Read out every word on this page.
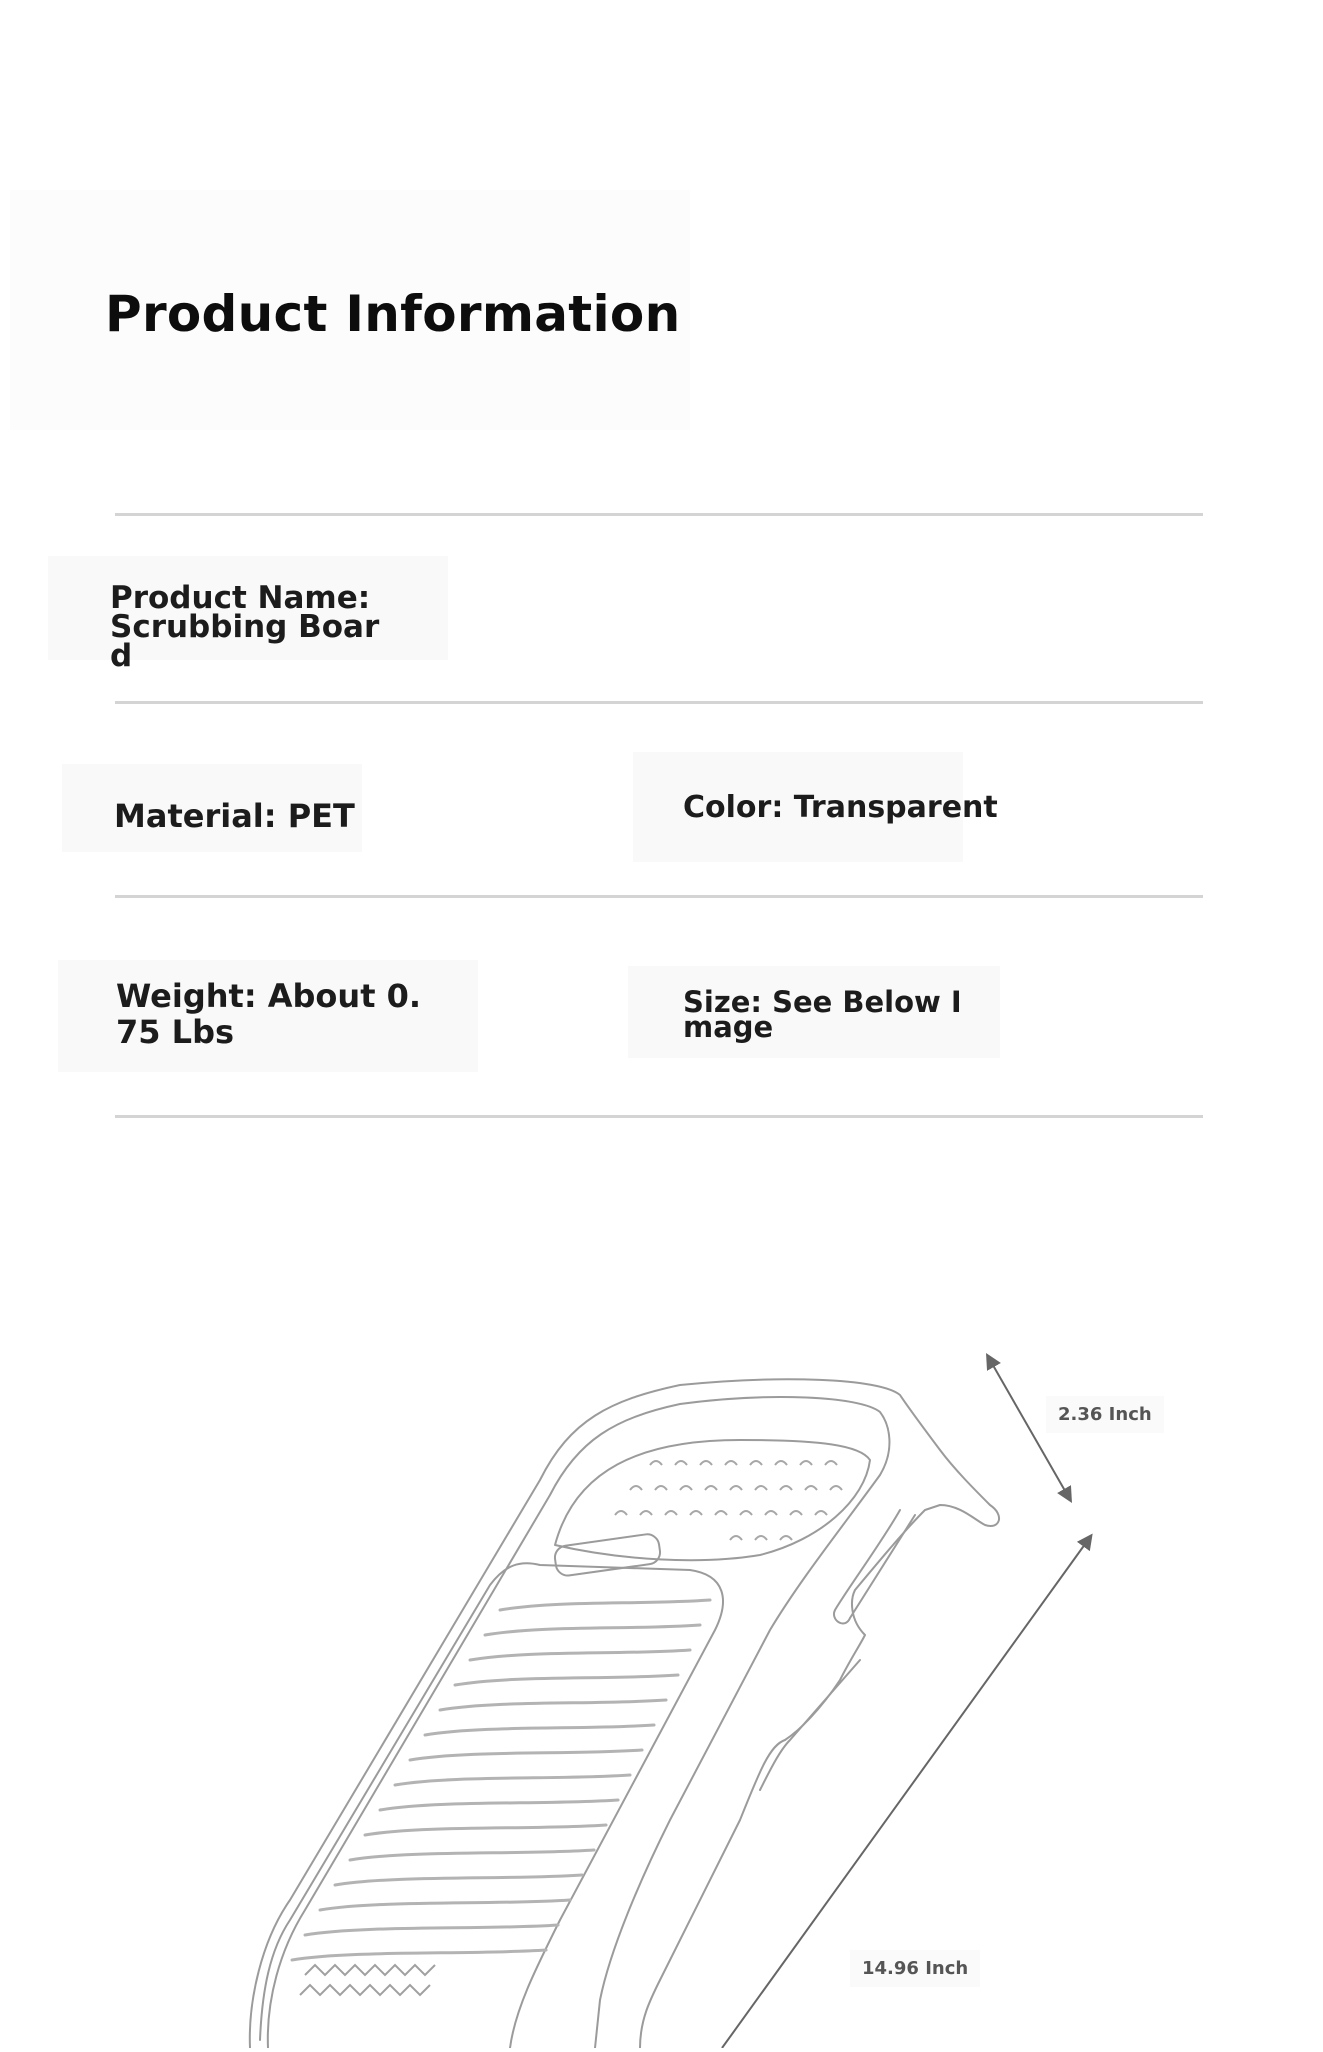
Product Information

Product Name: Scrubbing Board

Material: PET	Color: Transparent

Weight: About 0.75 Lbs

Size: See Below Image

2.36 Inch
14.96 Inch
